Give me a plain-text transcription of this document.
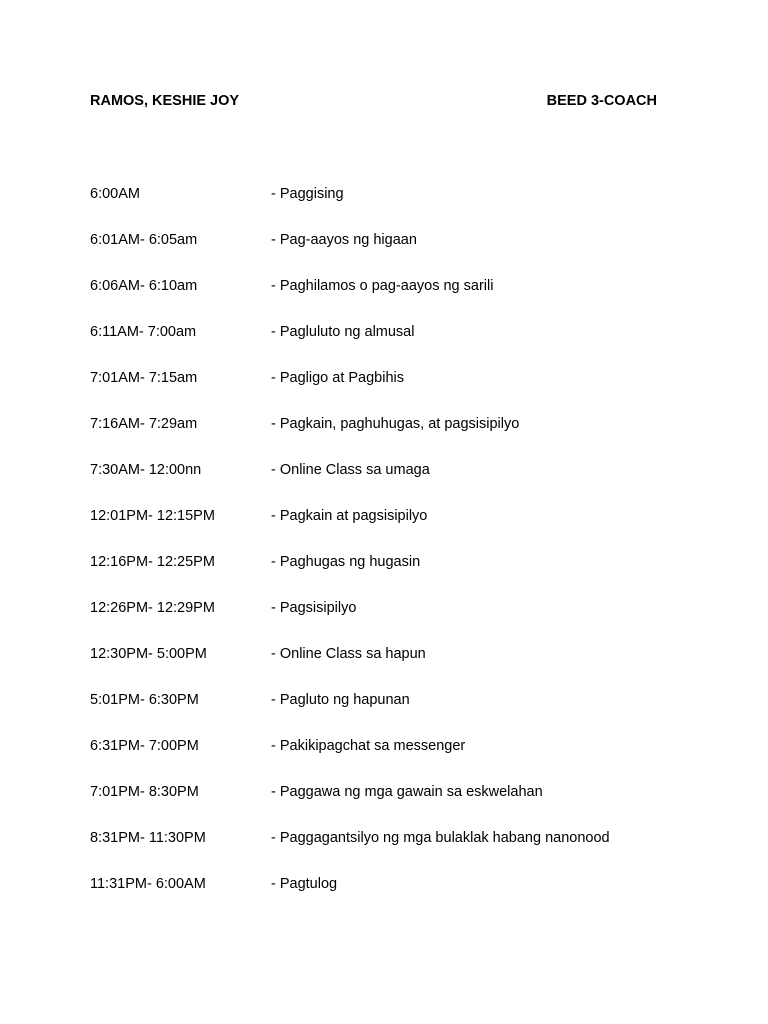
RAMOS, KESHIE JOY	BEED 3-COACH
6:00AM	- Paggising
6:01AM- 6:05am	- Pag-aayos ng higaan
6:06AM- 6:10am	- Paghilamos o pag-aayos ng sarili
6:11AM- 7:00am	- Pagluluto ng almusal
7:01AM- 7:15am	- Pagligo at Pagbihis
7:16AM- 7:29am	- Pagkain, paghuhugas, at pagsisipilyo
7:30AM- 12:00nn	- Online Class sa umaga
12:01PM- 12:15PM	- Pagkain at pagsisipilyo
12:16PM- 12:25PM	- Paghugas ng hugasin
12:26PM- 12:29PM	- Pagsisipilyo
12:30PM- 5:00PM	- Online Class sa hapun
5:01PM- 6:30PM	- Pagluto ng hapunan
6:31PM- 7:00PM	- Pakikipagchat sa messenger
7:01PM- 8:30PM	- Paggawa ng mga gawain sa eskwelahan
8:31PM- 11:30PM	- Paggagantsilyo ng mga bulaklak habang nanonood
11:31PM- 6:00AM	- Pagtulog
